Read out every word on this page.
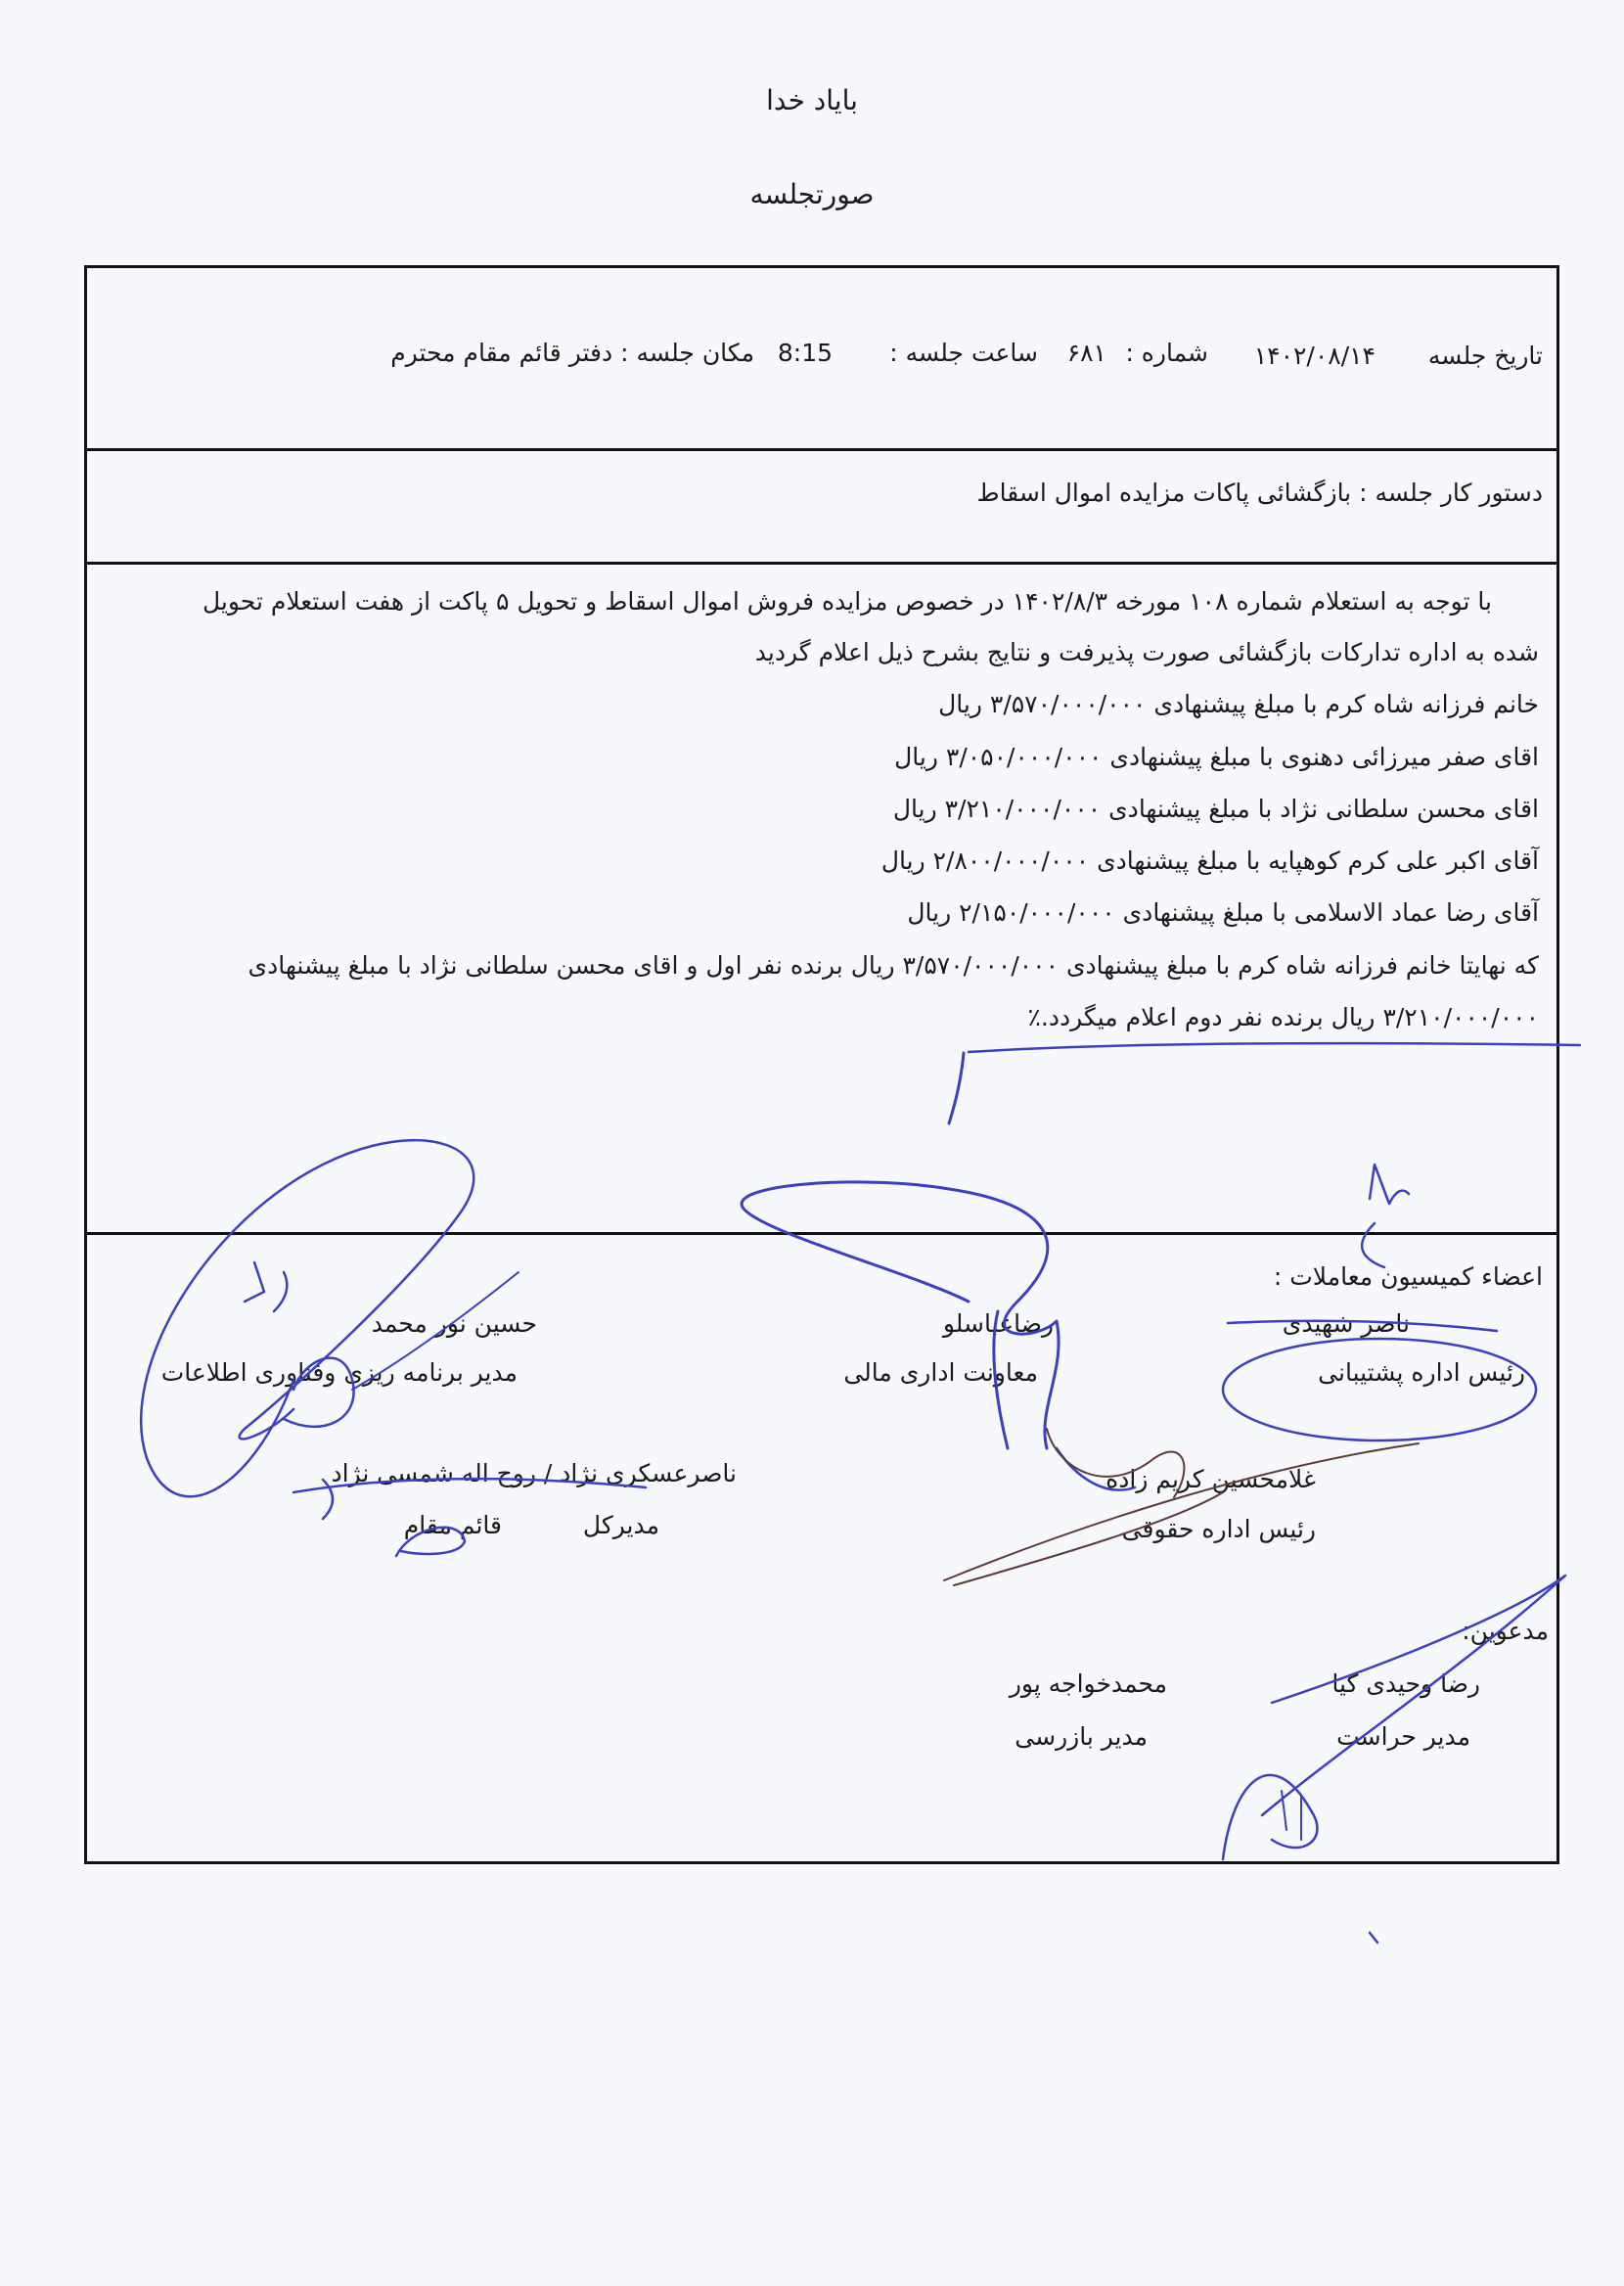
باياد خدا
صورتجلسه
تاریخ جلسه
۱۴۰۲/۰۸/۱۴
شماره :
۶۸۱
ساعت جلسه :
8:15
مکان جلسه : دفتر قائم مقام محترم
دستور کار جلسه : بازگشائی پاکات مزایده اموال اسقاط
با توجه به استعلام شماره ۱۰۸ مورخه ۱۴۰۲/۸/۳ در خصوص مزایده فروش اموال اسقاط و تحویل ۵ پاکت از هفت استعلام تحویل
شده به اداره تدارکات بازگشائی صورت پذیرفت و نتایج بشرح ذیل اعلام گردید
خانم فرزانه شاه کرم با مبلغ پیشنهادی ۳/۵۷۰/۰۰۰/۰۰۰ ریال
اقای صفر میرزائی دهنوی با مبلغ پیشنهادی ۳/۰۵۰/۰۰۰/۰۰۰ ریال
اقای محسن سلطانی نژاد با مبلغ پیشنهادی ۳/۲۱۰/۰۰۰/۰۰۰ ریال
آقای اکبر علی کرم کوهپایه با مبلغ پیشنهادی ۲/۸۰۰/۰۰۰/۰۰۰ ریال
آقای رضا عماد الاسلامی با مبلغ پیشنهادی ۲/۱۵۰/۰۰۰/۰۰۰ ریال
که نهایتا خانم فرزانه شاه کرم با مبلغ پیشنهادی ۳/۵۷۰/۰۰۰/۰۰۰ ریال برنده نفر اول و اقای محسن سلطانی نژاد با مبلغ پیشنهادی
۳/۲۱۰/۰۰۰/۰۰۰ ریال برنده نفر دوم اعلام میگردد.٪
اعضاء کمیسیون معاملات :
ناصر شهیدی
رئیس اداره پشتیبانی
رضاعباسلو
معاونت اداری مالی
حسین نور محمد
مدیر برنامه ریزی وفناوری اطلاعات
غلامحسین کریم زاده
رئیس اداره حقوقی
ناصرعسکری نژاد / روح اله شمسی نژاد
مدیرکل
قائم مقام
مدعوین:
رضا وحیدی کیا
مدیر حراست
محمدخواجه پور
مدیر بازرسی
